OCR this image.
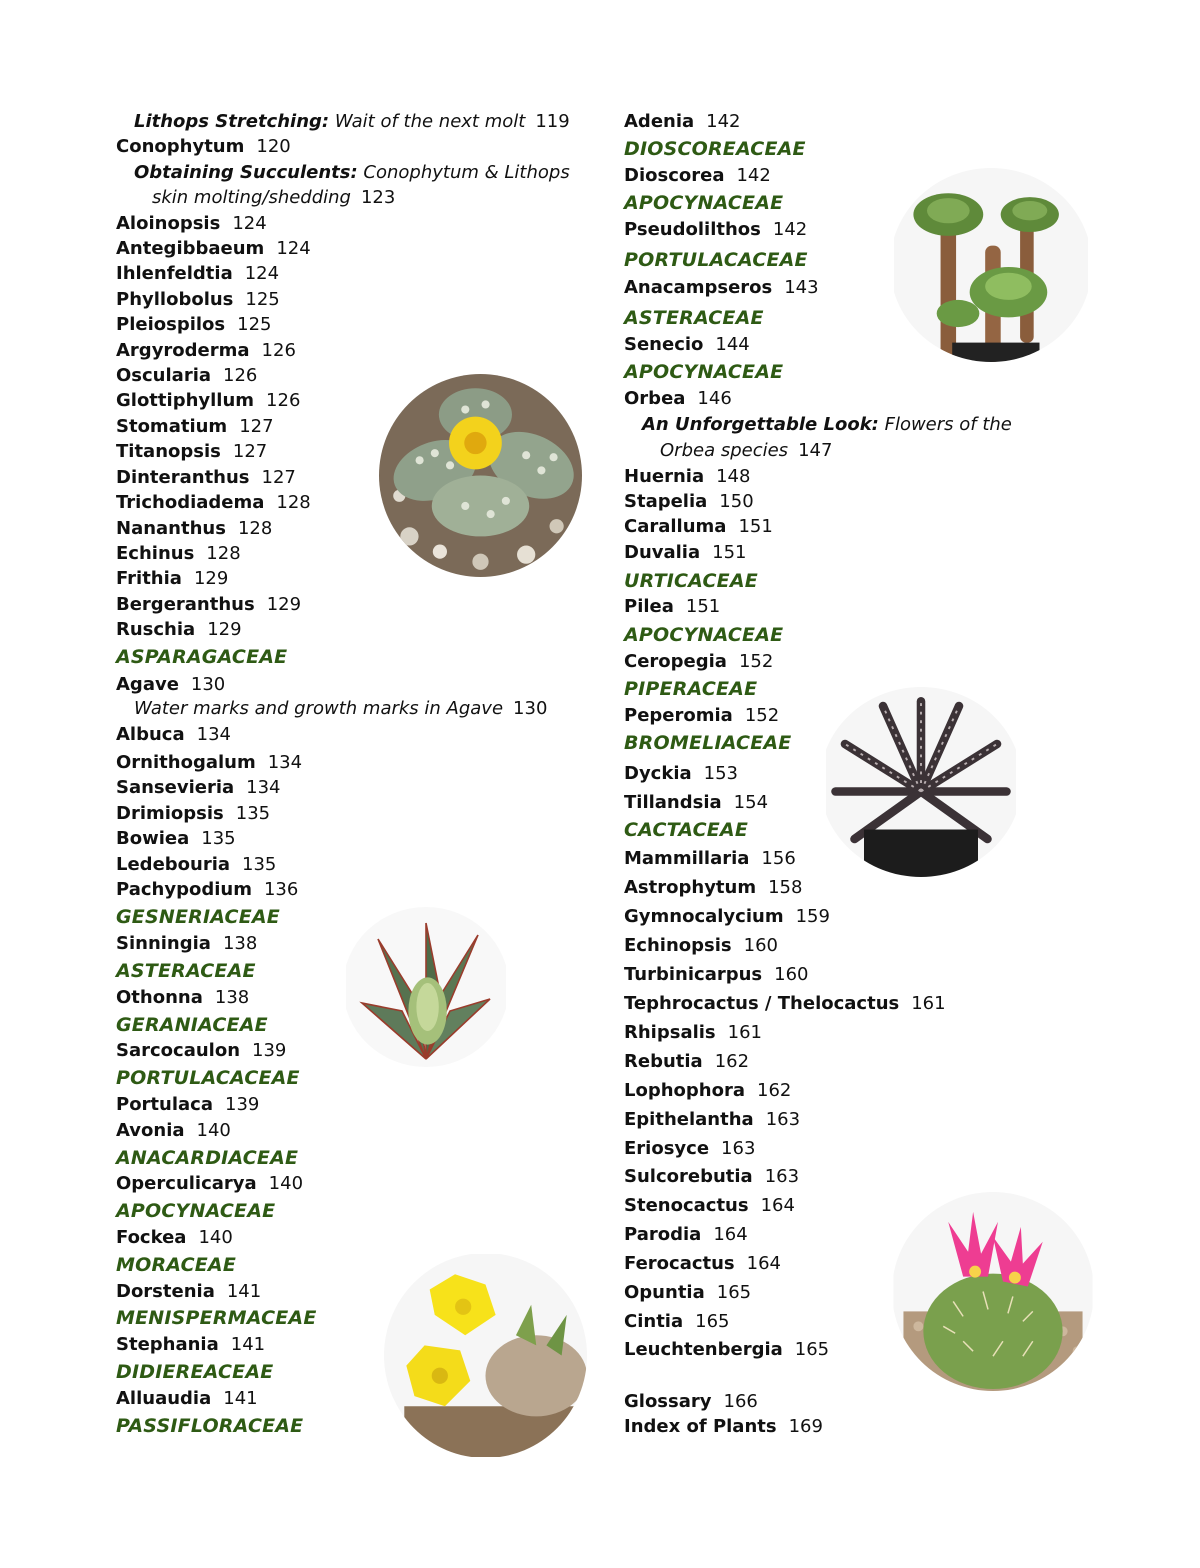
Lithops Stretching: Wait of the next molt 119
Conophytum 120
Obtaining Succulents: Conophytum & Lithops
skin molting/shedding 123
Aloinopsis 124
Antegibbaeum 124
Ihlenfeldtia 124
Phyllobolus 125
Pleiospilos 125
Argyroderma 126
Oscularia 126
Glottiphyllum 126
Stomatium 127
Titanopsis 127
Dinteranthus 127
Trichodiadema 128
Nananthus 128
Echinus 128
Frithia 129
Bergeranthus 129
Ruschia 129
ASPARAGACEAE
Agave 130
Water marks and growth marks in Agave 130
Albuca 134
Ornithogalum 134
Sansevieria 134
Drimiopsis 135
Bowiea 135
Ledebouria 135
Pachypodium 136
GESNERIACEAE
Sinningia 138
ASTERACEAE
Othonna 138
GERANIACEAE
Sarcocaulon 139
PORTULACACEAE
Portulaca 139
Avonia 140
ANACARDIACEAE
Operculicarya 140
APOCYNACEAE
Fockea 140
MORACEAE
Dorstenia 141
MENISPERMACEAE
Stephania 141
DIDIEREACEAE
Alluaudia 141
PASSIFLORACEAE
Adenia 142
DIOSCOREACEAE
Dioscorea 142
APOCYNACEAE
Pseudolilthos 142
PORTULACACEAE
Anacampseros 143
ASTERACEAE
Senecio 144
APOCYNACEAE
Orbea 146
An Unforgettable Look: Flowers of the
Orbea species 147
Huernia 148
Stapelia 150
Caralluma 151
Duvalia 151
URTICACEAE
Pilea 151
APOCYNACEAE
Ceropegia 152
PIPERACEAE
Peperomia 152
BROMELIACEAE
Dyckia 153
Tillandsia 154
CACTACEAE
Mammillaria 156
Astrophytum 158
Gymnocalycium 159
Echinopsis 160
Turbinicarpus 160
Tephrocactus / Thelocactus 161
Rhipsalis 161
Rebutia 162
Lophophora 162
Epithelantha 163
Eriosyce 163
Sulcorebutia 163
Stenocactus 164
Parodia 164
Ferocactus 164
Opuntia 165
Cintia 165
Leuchtenbergia 165
Glossary 166
Index of Plants 169
